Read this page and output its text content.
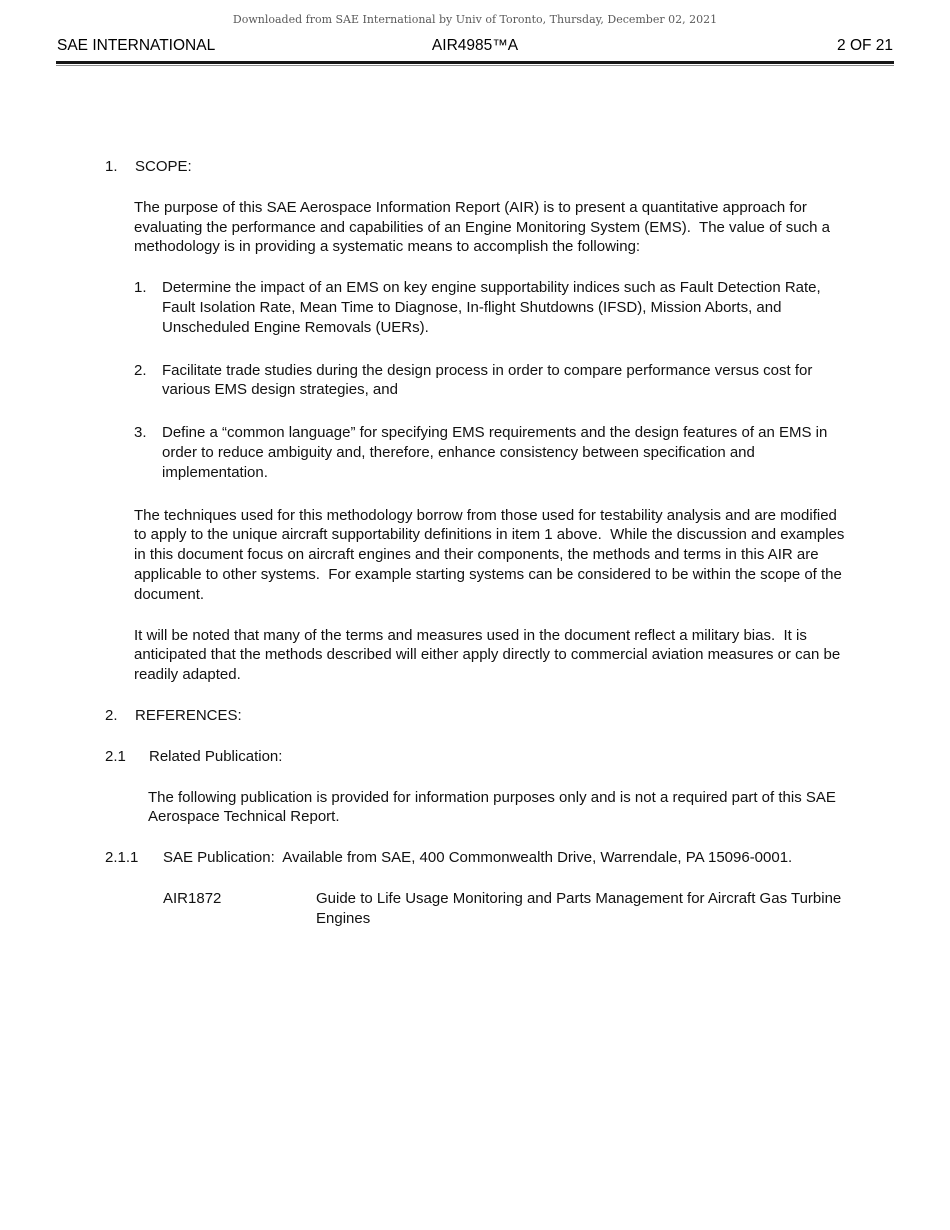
Downloaded from SAE International by Univ of Toronto, Thursday, December 02, 2021
SAE INTERNATIONAL	AIR4985™A	2 OF 21
1.	SCOPE:

The purpose of this SAE Aerospace Information Report (AIR) is to present a quantitative approach for evaluating the performance and capabilities of an Engine Monitoring System (EMS).  The value of such a methodology is in providing a systematic means to accomplish the following:

1.	Determine the impact of an EMS on key engine supportability indices such as Fault Detection Rate, Fault Isolation Rate, Mean Time to Diagnose, In-flight Shutdowns (IFSD), Mission Aborts, and Unscheduled Engine Removals (UERs).
2.	Facilitate trade studies during the design process in order to compare performance versus cost for various EMS design strategies, and
3.	Define a “common language” for specifying EMS requirements and the design features of an EMS in order to reduce ambiguity and, therefore, enhance consistency between specification and implementation.

The techniques used for this methodology borrow from those used for testability analysis and are modified to apply to the unique aircraft supportability definitions in item 1 above.  While the discussion and examples in this document focus on aircraft engines and their components, the methods and terms in this AIR are applicable to other systems.  For example starting systems can be considered to be within the scope of the document.

It will be noted that many of the terms and measures used in the document reflect a military bias.  It is anticipated that the methods described will either apply directly to commercial aviation measures or can be readily adapted.

2.	REFERENCES:
2.1	Related Publication:

The following publication is provided for information purposes only and is not a required part of this SAE Aerospace Technical Report.

2.1.1	SAE Publication:  Available from SAE, 400 Commonwealth Drive, Warrendale, PA 15096-0001.
AIR1872	Guide to Life Usage Monitoring and Parts Management for Aircraft Gas Turbine Engines
